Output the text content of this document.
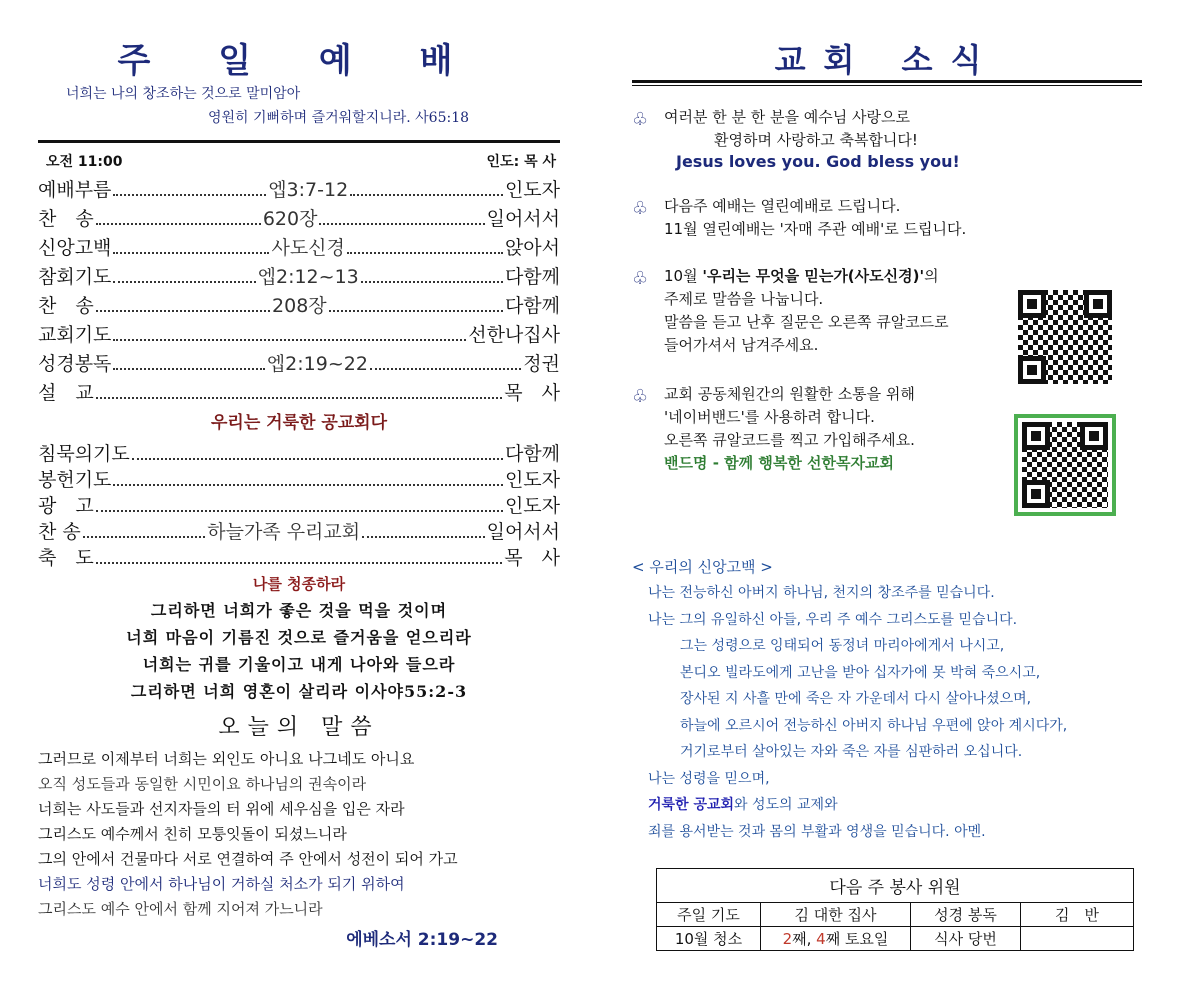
주 일 예 배
너희는 나의 창조하는 것으로 말미암아
영원히 기뻐하며 즐거워할지니라. 사65:18
오전 11:00	인도: 목 사
예배부름	엡3:7-12	인도자
찬　송	620장	일어서서
신앙고백	사도신경	앉아서
참회기도	엡2:12~13	다함께
찬　송	208장	다함께
교회기도	선한나집사
성경봉독	엡2:19~22	정권
설　교	목　사
우리는 거룩한 공교회다
침묵의기도	다함께
봉헌기도	인도자
광　고	인도자
찬 송	하늘가족 우리교회	일어서서
축　도	목　사
나를 청종하라
그리하면 너희가 좋은 것을 먹을 것이며
너희 마음이 기름진 것으로 즐거움을 얻으리라
너희는 귀를 기울이고 내게 나아와 들으라
그리하면 너희 영혼이 살리라 이사야55:2-3
오늘의 말씀
그러므로 이제부터 너희는 외인도 아니요 나그네도 아니요
오직 성도들과 동일한 시민이요 하나님의 권속이라
너희는 사도들과 선지자들의 터 위에 세우심을 입은 자라
그리스도 예수께서 친히 모퉁잇돌이 되셨느니라
그의 안에서 건물마다 서로 연결하여 주 안에서 성전이 되어 가고
너희도 성령 안에서 하나님이 거하실 처소가 되기 위하여
그리스도 예수 안에서 함께 지어져 가느니라
에베소서 2:19~22
교회 소식
♧ 여러분 한 분 한 분을 예수님 사랑으로
환영하며 사랑하고 축복합니다!
Jesus loves you. God bless you!
♧ 다음주 예배는 열린예배로 드립니다.
11월 열린예배는 '자매 주관 예배'로 드립니다.
♧ 10월 '우리는 무엇을 믿는가(사도신경)'의
주제로 말씀을 나눕니다.
말씀을 듣고 난후 질문은 오른쪽 큐알코드로
들어가셔서 남겨주세요.
♧ 교회 공동체원간의 원활한 소통을 위해
'네이버밴드'를 사용하려 합니다.
오른쪽 큐알코드를 찍고 가입해주세요.
밴드명 - 함께 행복한 선한목자교회
< 우리의 신앙고백 >
나는 전능하신 아버지 하나님, 천지의 창조주를 믿습니다.
나는 그의 유일하신 아들, 우리 주 예수 그리스도를 믿습니다.
그는 성령으로 잉태되어 동정녀 마리아에게서 나시고,
본디오 빌라도에게 고난을 받아 십자가에 못 박혀 죽으시고,
장사된 지 사흘 만에 죽은 자 가운데서 다시 살아나셨으며,
하늘에 오르시어 전능하신 아버지 하나님 우편에 앉아 계시다가,
거기로부터 살아있는 자와 죽은 자를 심판하러 오십니다.
나는 성령을 믿으며,
거룩한 공교회와 성도의 교제와
죄를 용서받는 것과 몸의 부활과 영생을 믿습니다. 아멘.
다음 주 봉사 위원			
주일 기도	김 대한 집사	성경 봉독	김　반
10월 청소	2째, 4째 토요일	식사 당번	
